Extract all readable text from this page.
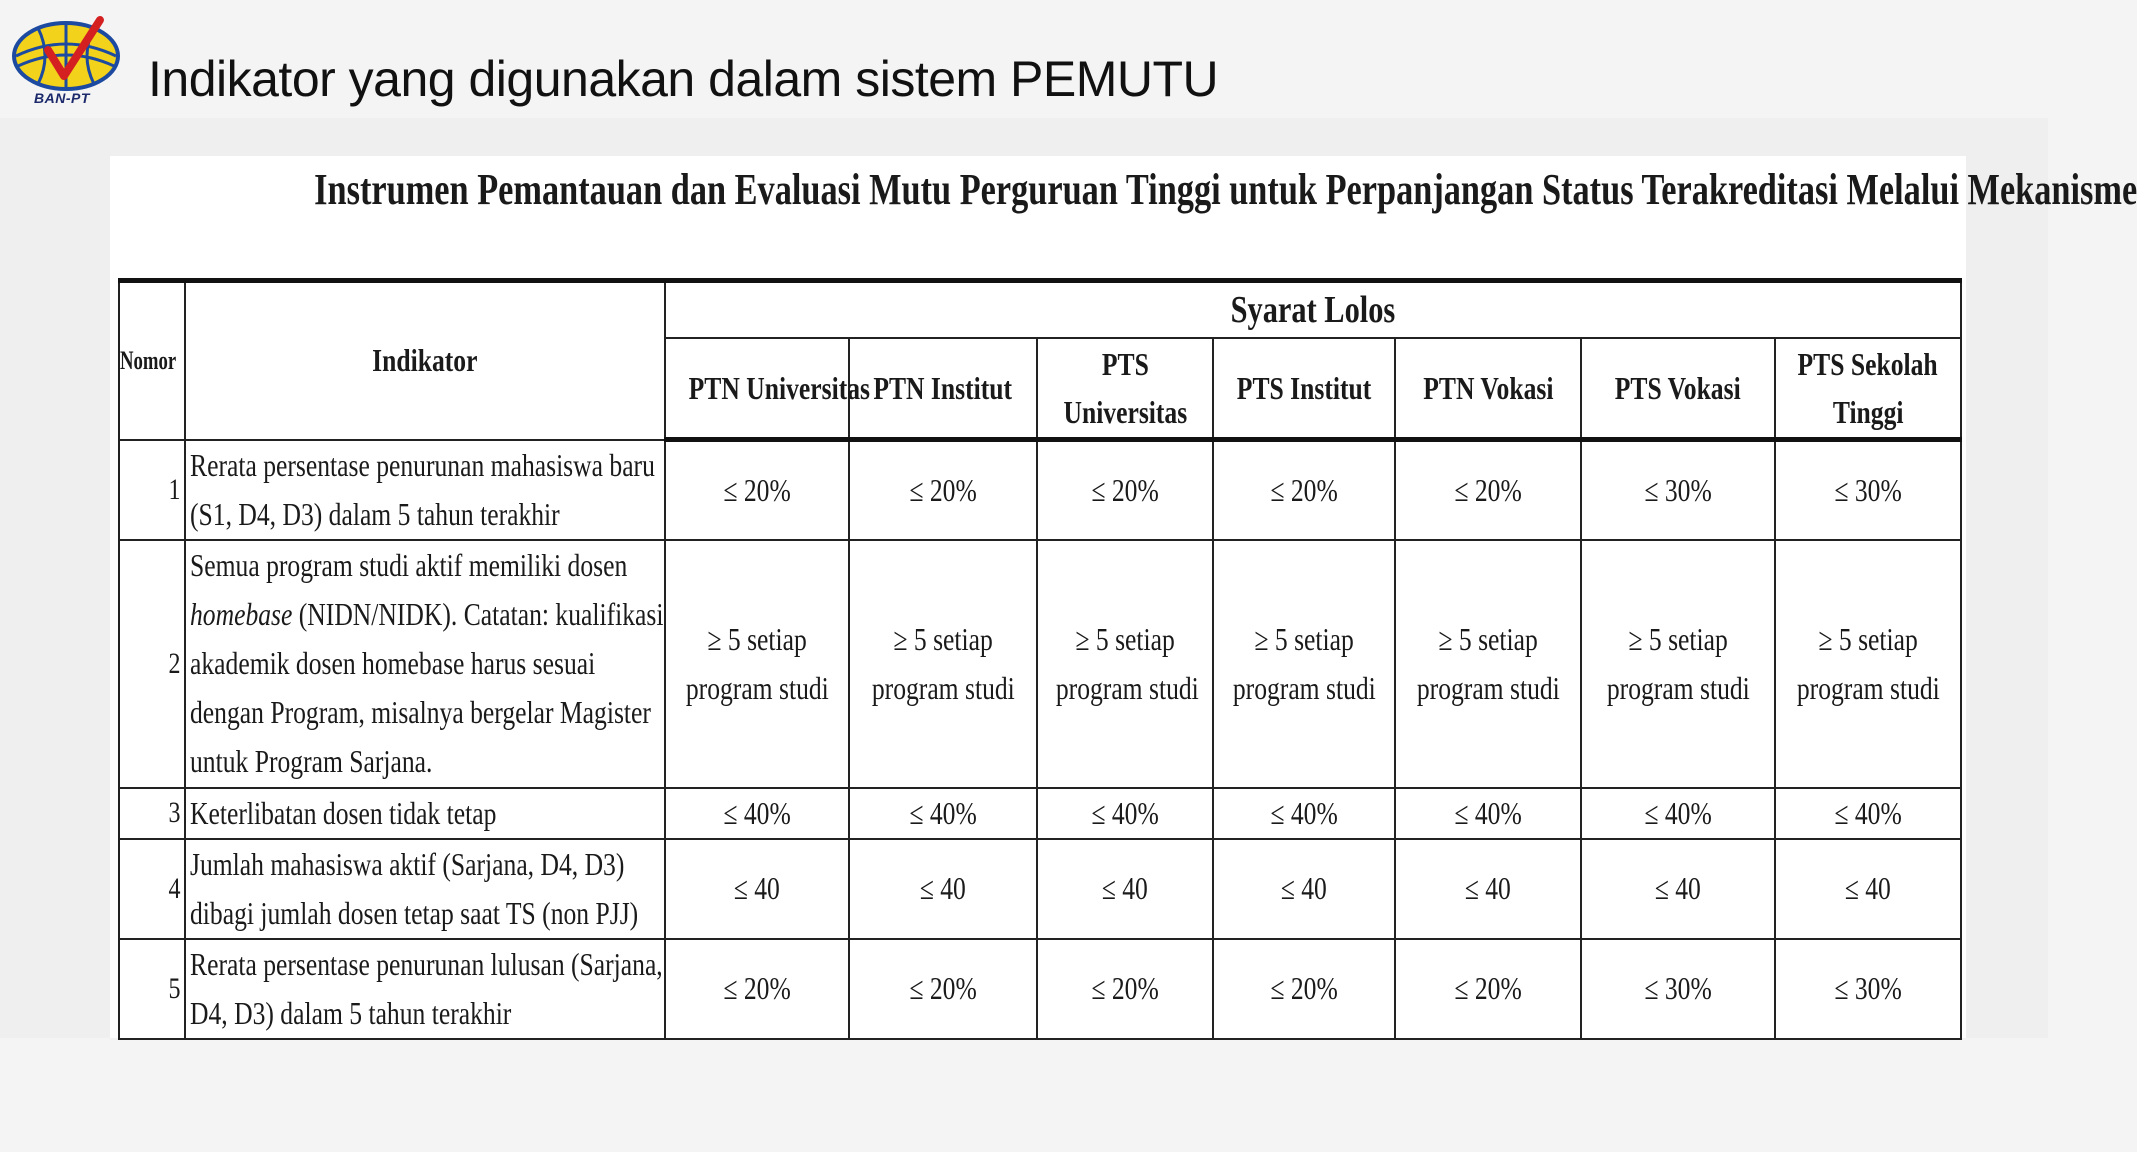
BAN-PT Indikator yang digunakan dalam sistem PEMUTU
Instrumen Pemantauan dan Evaluasi Mutu Perguruan Tinggi untuk Perpanjangan Status Terakreditasi Melalui Mekanisme
Nomor	Indikator	Syarat Lolos						
		PTN Universitas	PTN Institut	PTS
Universitas	PTS Institut	PTN Vokasi	PTS Vokasi	PTS Sekolah
Tinggi
1	Rerata persentase penurunan mahasiswa baru
(S1, D4, D3) dalam 5 tahun terakhir	≤ 20%	≤ 20%	≤ 20%	≤ 20%	≤ 20%	≤ 30%	≤ 30%
2	Semua program studi aktif memiliki dosen
homebase (NIDN/NIDK). Catatan: kualifikasi
akademik dosen homebase harus sesuai
dengan Program, misalnya bergelar Magister
untuk Program Sarjana.	≥ 5 setiap
program studi	≥ 5 setiap
program studi	≥ 5 setiap
program studi	≥ 5 setiap
program studi	≥ 5 setiap
program studi	≥ 5 setiap
program studi	≥ 5 setiap
program studi
3	Keterlibatan dosen tidak tetap	≤ 40%	≤ 40%	≤ 40%	≤ 40%	≤ 40%	≤ 40%	≤ 40%
4	Jumlah mahasiswa aktif (Sarjana, D4, D3)
dibagi jumlah dosen tetap saat TS (non PJJ)	≤ 40	≤ 40	≤ 40	≤ 40	≤ 40	≤ 40	≤ 40
5	Rerata persentase penurunan lulusan (Sarjana,
D4, D3) dalam 5 tahun terakhir	≤ 20%	≤ 20%	≤ 20%	≤ 20%	≤ 20%	≤ 30%	≤ 30%
